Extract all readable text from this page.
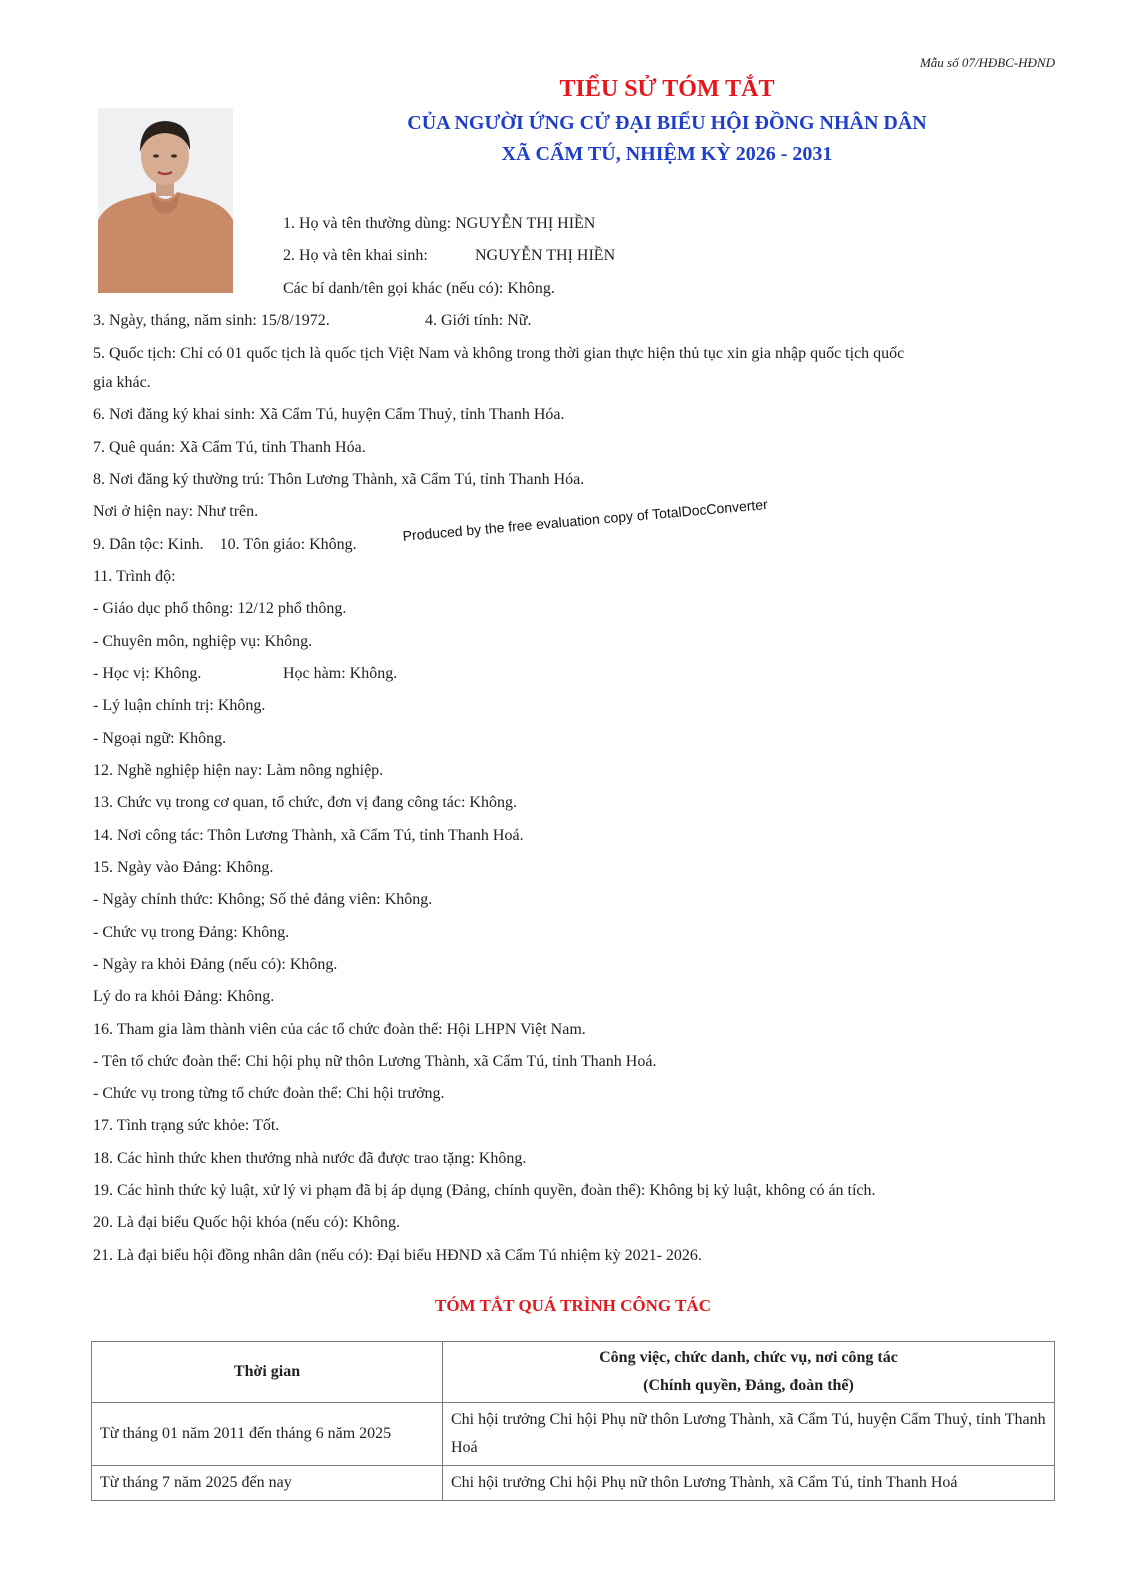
Mẫu số 07/HĐBC-HĐND
TIỂU SỬ TÓM TẮT
CỦA NGƯỜI ỨNG CỬ ĐẠI BIỂU HỘI ĐỒNG NHÂN DÂN
XÃ CẨM TÚ, NHIỆM KỲ 2026 - 2031
1. Họ và tên thường dùng: NGUYỄN THỊ HIỀN
2. Họ và tên khai sinh:	NGUYỄN THỊ HIỀN
Các bí danh/tên gọi khác (nếu có): Không.
3. Ngày, tháng, năm sinh: 15/8/1972.	4. Giới tính: Nữ.
5. Quốc tịch: Chỉ có 01 quốc tịch là quốc tịch Việt Nam và không trong thời gian thực hiện thủ tục xin gia nhập quốc tịch quốc
gia khác.
6. Nơi đăng ký khai sinh: Xã Cẩm Tú, huyện Cẩm Thuỷ, tỉnh Thanh Hóa.
7. Quê quán: Xã Cẩm Tú, tỉnh Thanh Hóa.
8. Nơi đăng ký thường trú: Thôn Lương Thành, xã Cẩm Tú, tỉnh Thanh Hóa.
Nơi ở hiện nay: Như trên.
9. Dân tộc: Kinh.    10. Tôn giáo: Không.
11. Trình độ:
- Giáo dục phổ thông: 12/12 phổ thông.
- Chuyên môn, nghiệp vụ: Không.
- Học vị: Không.	Học hàm: Không.
- Lý luận chính trị: Không.
- Ngoại ngữ: Không.
12. Nghề nghiệp hiện nay: Làm nông nghiệp.
13. Chức vụ trong cơ quan, tổ chức, đơn vị đang công tác: Không.
14. Nơi công tác: Thôn Lương Thành, xã Cẩm Tú, tỉnh Thanh Hoá.
15. Ngày vào Đảng: Không.
- Ngày chính thức: Không; Số thẻ đảng viên: Không.
- Chức vụ trong Đảng: Không.
- Ngày ra khỏi Đảng (nếu có): Không.
Lý do ra khỏi Đảng: Không.
16. Tham gia làm thành viên của các tổ chức đoàn thể: Hội LHPN Việt Nam.
- Tên tổ chức đoàn thể: Chi hội phụ nữ thôn Lương Thành, xã Cẩm Tú, tỉnh Thanh Hoá.
- Chức vụ trong từng tổ chức đoàn thể: Chi hội trưởng.
17. Tình trạng sức khỏe: Tốt.
18. Các hình thức khen thưởng nhà nước đã được trao tặng: Không.
19. Các hình thức kỷ luật, xử lý vi phạm đã bị áp dụng (Đảng, chính quyền, đoàn thể): Không bị kỷ luật, không có án tích.
20. Là đại biểu Quốc hội khóa (nếu có): Không.
21. Là đại biểu hội đồng nhân dân (nếu có): Đại biểu HĐND xã Cẩm Tú nhiệm kỳ 2021- 2026.
Produced by the free evaluation copy of TotalDocConverter
TÓM TẮT QUÁ TRÌNH CÔNG TÁC
Thời gian	Công việc, chức danh, chức vụ, nơi công tác
(Chính quyền, Đảng, đoàn thể)

Từ tháng 01 năm 2011 đến tháng 6 năm 2025	Chi hội trưởng Chi hội Phụ nữ thôn Lương Thành, xã Cẩm Tú, huyện Cẩm Thuỷ, tỉnh Thanh Hoá
Từ tháng 7 năm 2025 đến nay	Chi hội trưởng Chi hội Phụ nữ thôn Lương Thành, xã Cẩm Tú, tỉnh Thanh Hoá
